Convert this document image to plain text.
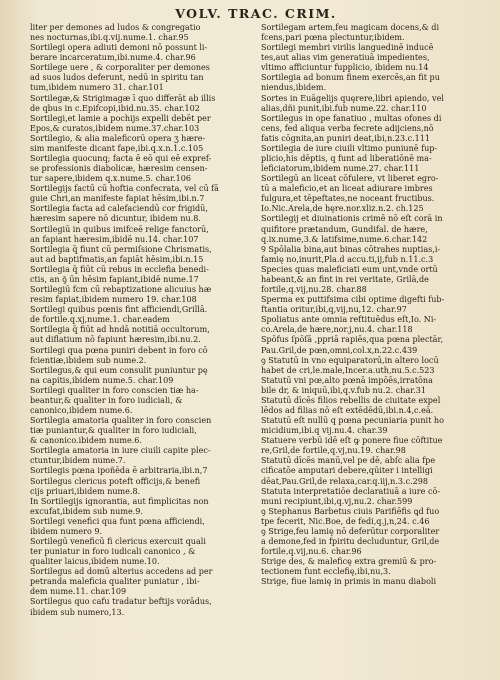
VOLV. TRAC. CRIM.
liter per demones ad ludos & congregatio
nes nocturnas,ibi.q.vij.nume.1. char.95
Sortilegi opera adiuti demoni nō possunt li-
berare incarceratum,ibi.nume.4. char.96
Sortilege uere , & corporaliter per demones
ad suos ludos deferunt, nedū in spiritu tan
tum,ibidem numero 31. char.101
Sortilegæ,& Strigimagæ ī quo differāt ab illis
de qbus in c.Epifcopi,ibid.nu.35. char.102
Sortilegi,et lamie a pochijs expelli debēt per
Epos,& curatos,ibidem nume.37.char.103
Sortilegio, & alia maleficorū opera ʒ hære-
sim manifeste dicant fape,ibi.q.x.n.1.c.105
Sortilegia quocunq; facta ē eō qui eē expref-
se professionis diabolicæ, hæresim censen-
tur sapere,ibidem q.x.nume.5. char.106
Sortilegijs factū cū hoftia confecrata, vel cū fā
guie Chri,an manifeste fapiat hēsim,ibi.n.7
Sortilegia facta ad calefaciendū cor frigidū,
hæresim sapere nō dicuntur, ibidem nu.8.
Sortilegiū in quibus imifceē relige fanctorū,
an fapiant hæresim,ibidē nu.14. char.107
Sortilegia q̄ fiunt cū permiſsione Chrismatis,
aut ad baptifmatis,an fapiāt hēsim,ibi.n.15
Sortilegia q̄ fiūt cū rebus in ecclefia benedi-
ctis, an ꝯ̄ ūn hēsim fapiant,ibidē nume.17
Sortilegiū fcm cū rebaptizatione alicuius hæ
resim fapiat,ibidem numero 19. char.108
Sortilegi quibus pœnis fint afficiendi,Grillā.
de fortile.q.xj,nume.1. char.eadem
Sortilegia q̄ fiūt ad hndā notitiā occultorum,
aut diflatium nō fapiunt hæresim,ibi.nu.2.
Sortilegi qua pœna puniri debent in foro cō
fcientiæ,ibidem sub nume.2.
Sortilegus,& qui eum consulit puniuntur pę
na capitis,ibidem nume.5. char.109
Sortilegi qualiter in foro conscien tiæ ha-
beantur,& qualiter in foro iudiciali, &
canonico,ibidem nume.6.
Sortilegia amatoria qualiter in foro conscien
tiæ puniantur,& qualiter in foro iudiciali,
& canonico.ibidem nume.6.
Sortilegia amatoria in iure ciuili capite plec-
ctuntur,ibidem nume.7.
Sortilegis pœna ipoñēda ē arbitraria,ibi.n,7
Sortilegus clericus poteft officijs,& benefi
cijs priuari,ibidem nume.8.
In Sortilegijs ignorantia, aut fimplicitas non
excufat,ibidem sub nume.9.
Sortilegi venefici qua funt pœna afficiendi,
ibidem numero 9.
Sortilegū veneficū fi clericus exercuit quali
ter puniatur in foro iudicali canonico , &
qualiter laicus,ibidem nume.10.
Sortilegus ad domū alterius accedens ad per
petranda maleficia qualiter puniatur , ibi-
dem nume.11. char.109
Sortilegus quo cafu tradatur beftijs vorādus,
ibidem sub numero,13.
Sortilegam artem,feu magicam docens,& di
fcens,pari pœna plectuntur,ibidem.
Sortilegi membri virilis languedinē inducē
tes,aut alias vim generatiuā impedientes,
vltimo afficiuntur fupplicio, ibidem nu.14
Sortilegia ad bonum finem exercēs,an fit pu
niendus,ibidem.
Sortes in Euāgelijs quęrere,libri apiendo, vel
alias,dñi punit,ibi.fub nume.22. char.110
Sortilegus in ope fanatiuo , multas ofones di
cens, fed aliqua verba fecrete adijciens,nō
fatis cōgnita,an puniri deat,ibi,n.23.c.111
Sortilegia de iure ciuili vltimo puniunē fup-
plicio,his dēptis, q funt ad liberatiōnē ma-
leficiatorum,ibidem nume.27. char.111
Sortilegū an liceat cōfulere, vt liberet egro-
tū a maleficio,et an liceat adiurare imbres
fulgura,et tēpeftates,ne noceant fructibus.
Io.Nic.Arela,de hęre.nor.xliz.n.2. ch.125
Sortilegij et diuinationis crimē nō eſt corā in
quifitore prætandum, Gundifal. de hære,
q.ix.nume,3.& latifsime,nume.6.char.142
Ꝯ Spōlalia bina,aut binas cōtrahes nuptias,i-
famię no,inurit,Pla.d accu.ti,ij,fub n.11.c.3
Species quas maleficiati eum unt,vnde ortū
habeant,& an fint in rei veritate, Grilā,de
fortile,q.vij,nu.28. char.88
Sperma ex puttifsima cibi optime digefti fub-
ftantia oritur,ibi,q,vij,nu,12. char.97
Spoliatus ante omnia reftituēdus eſt,Io. Ni-
co.Arela,de hære,nor.j,nu.4. char.118
Spōfus ſpōſā ,ppriā rapiēs,qua pœna plectār,
Pau.Gril,de pœn,omni,col.x,n.22.c.439
ꝯ Statutū in vno equiparatorū,in altero locū
habet de cri,le.male,Incer.a.uth,nu.5.c.523
Statutū vni pœ,alto pœnā impōēs,irratōna
bile dr, & iniquū,ibi,q.v.fub nu.2. char.31
Statutū dīcēs filios rebellis de ciuitate expel
lēdos ad filias nō eſt extēdēdū,ibi.n.4,c.eā.
Statutū eſt nullū q pœna pecuniaria punit ho
micidium,ibi.q vij.nu.4. char.39
Statuere verbū idē eſt ꝙ ponere fiue cōftitue
re,Gril,de fortile,q.vj,nu.19. char.98
Statutū dīcēs manū,vel pe dē, abſc alia fpe
cificatōe amputari debere,qūiter i intelligi
dēat,Pau.Gril,de relaxa,car.q.iij,n.3.c.298
Statuta interpretatiōe declaratiuā a iure cō-
muni recipiunt,ibi,q.vj,nu.2. char.599
ꝯ Stephanus Barbetus ciuis Parifiēfis ꝗd fuo
tpe fecerit, Nic.Boe, de fedi,q.j,n,24. c.46
ꝯ Strige,feu lamię nō deferūtur corporaliter
a demone,fed in fpiritu decluduntur, Gril,de
fortile,q.vij,nu.6. char.96
Strige des, & maleficę extra gremiū & pro-
tectionem funt ecclefię,ibi,nu,3.
Strige, fiue lamię in primis in manu diaboli
